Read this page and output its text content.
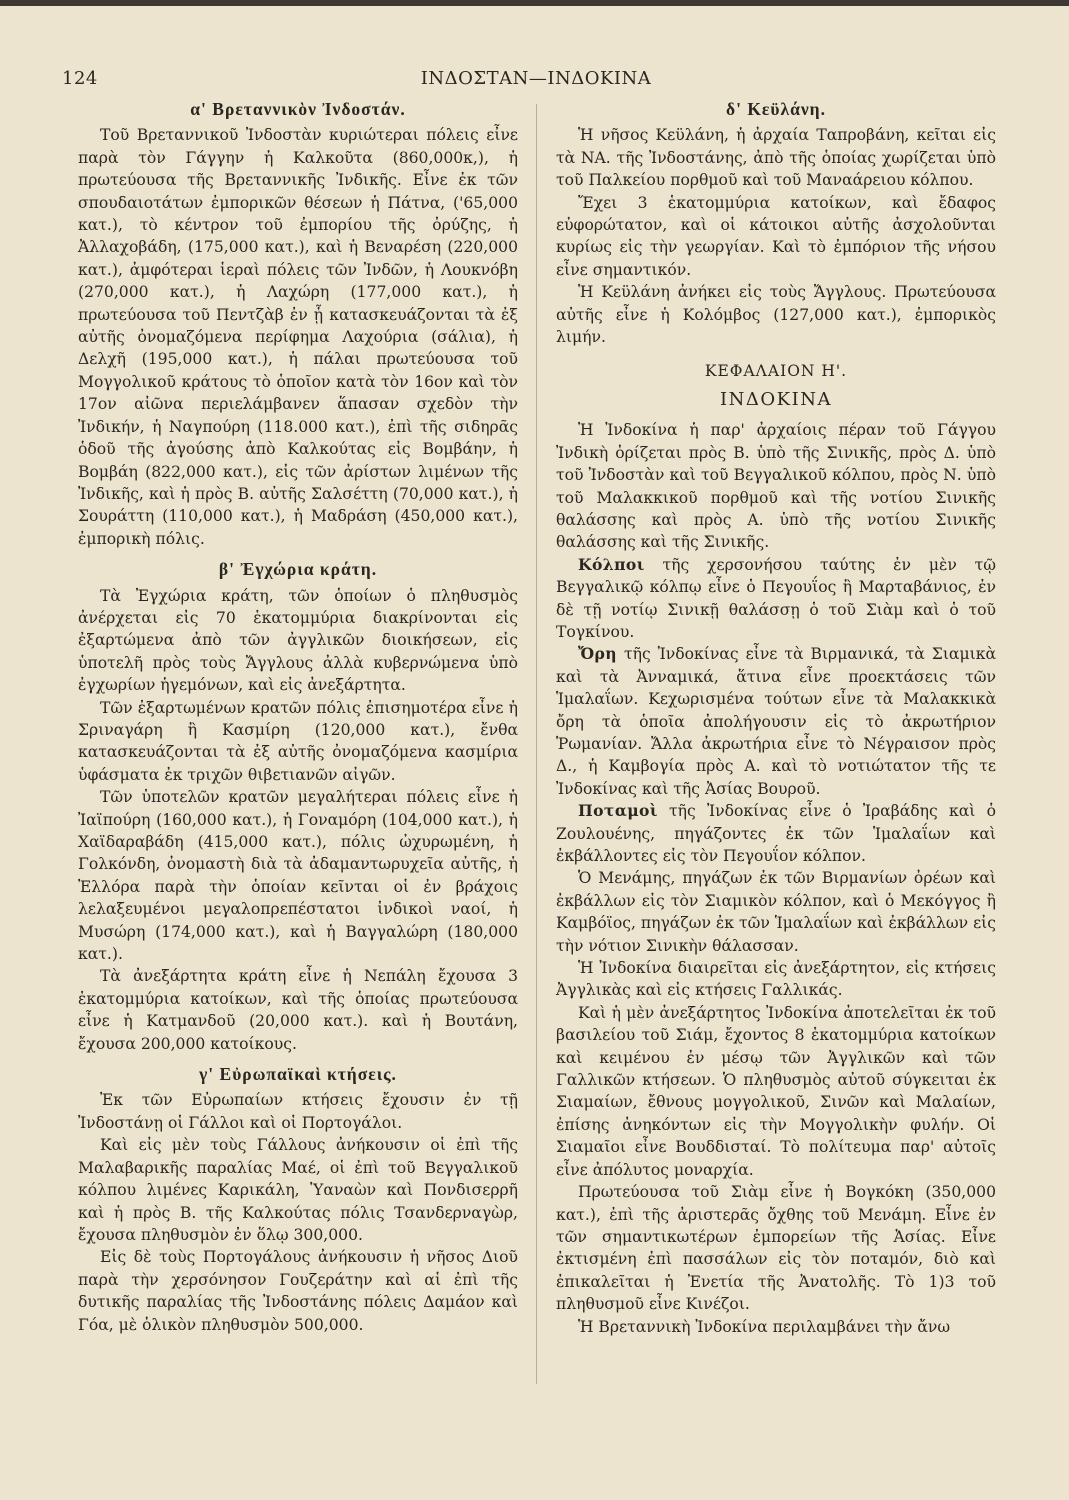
ΙΝΔΟΣΤΑΝ—ΙΝΔΟΚΙΝΑ
124
α' Βρεταννικὸν Ἰνδοστάν.

Τοῦ Βρεταννικοῦ Ἰνδοστὰν κυριώτεραι πόλεις εἶνε παρὰ τὸν Γάγγην ἡ Καλκοῦτα (860,000κ,), ἡ πρωτεύουσα τῆς Βρεταννικῆς Ἰνδικῆς. Εἶνε ἐκ τῶν σπουδαιοτάτων ἐμπορικῶν θέσεων ἡ Πάτνα, ('65,000 κατ.), τὸ κέντρον τοῦ ἐμπορίου τῆς ὀρύζης, ἡ Ἀλλαχοβάδη, (175,000 κατ.), καὶ ἡ Βεναρέση (220,000 κατ.), ἀμφότεραι ἱεραὶ πόλεις τῶν Ἰνδῶν, ἡ Λουκνόβη (270,000 κατ.), ἡ Λαχώρη (177,000 κατ.), ἡ πρωτεύουσα τοῦ Πεντζὰβ ἐν ᾗ κατασκευάζονται τὰ ἐξ αὐτῆς ὀνομαζόμενα περίφημα Λαχούρια (σάλια), ἡ Δελχῆ (195,000 κατ.), ἡ πάλαι πρωτεύουσα τοῦ Μογγολικοῦ κράτους τὸ ὁποῖον κατὰ τὸν 16ον καὶ τὸν 17ον αἰῶνα περιελάμβανεν ἅπασαν σχεδὸν τὴν Ἰνδικήν, ἡ Ναγπούρη (118.000 κατ.), ἐπὶ τῆς σιδηρᾶς ὁδοῦ τῆς ἀγούσης ἀπὸ Καλκούτας εἰς Βομβάην, ἡ Βομβάη (822,000 κατ.), εἰς τῶν ἀρίστων λιμένων τῆς Ἰνδικῆς, καὶ ἡ πρὸς Β. αὐτῆς Σαλσέττη (70,000 κατ.), ἡ Σουράττη (110,000 κατ.), ἡ Μαδράση (450,000 κατ.), ἐμπορικὴ πόλις.

β' Ἐγχώρια κράτη.

Τὰ Ἐγχώρια κράτη, τῶν ὁποίων ὁ πληθυσμὸς ἀνέρχεται εἰς 70 ἑκατομμύρια διακρίνονται εἰς ἐξαρτώμενα ἀπὸ τῶν ἀγγλικῶν διοικήσεων, εἰς ὑποτελῆ πρὸς τοὺς Ἄγγλους ἀλλὰ κυβερνώμενα ὑπὸ ἐγχωρίων ἡγεμόνων, καὶ εἰς ἀνεξάρτητα.

Τῶν ἐξαρτωμένων κρατῶν πόλις ἐπισημοτέρα εἶνε ἡ Σριναγάρη ἢ Κασμίρη (120,000 κατ.), ἔνθα κατασκευάζονται τὰ ἐξ αὐτῆς ὀνομαζόμενα κασμίρια ὑφάσματα ἐκ τριχῶν θιβετιανῶν αἰγῶν.

Τῶν ὑποτελῶν κρατῶν μεγαλήτεραι πόλεις εἶνε ἡ Ἰαϊπούρη (160,000 κατ.), ἡ Γοναμόρη (104,000 κατ.), ἡ Χαϊδαραβάδη (415,000 κατ.), πόλις ὠχυρωμένη, ἡ Γολκόνδη, ὀνομαστὴ διὰ τὰ ἀδαμαντωρυχεῖα αὐτῆς, ἡ Ἐλλόρα παρὰ τὴν ὁποίαν κεῖνται οἱ ἐν βράχοις λελαξευμένοι μεγαλοπρεπέστατοι ἰνδικοὶ ναοί, ἡ Μυσώρη (174,000 κατ.), καὶ ἡ Βαγγαλώρη (180,000 κατ.).

Τὰ ἀνεξάρτητα κράτη εἶνε ἡ Νεπάλη ἔχουσα 3 ἑκατομμύρια κατοίκων, καὶ τῆς ὁποίας πρωτεύουσα εἶνε ἡ Κατμανδοῦ (20,000 κατ.). καὶ ἡ Βουτάνη, ἔχουσα 200,000 κατοίκους.

γ' Εὐρωπαϊκαὶ κτήσεις.

Ἐκ τῶν Εὐρωπαίων κτήσεις ἔχουσιν ἐν τῇ Ἰνδοστάνῃ οἱ Γάλλοι καὶ οἱ Πορτογάλοι.

Καὶ εἰς μὲν τοὺς Γάλλους ἀνήκουσιν οἱ ἐπὶ τῆς Μαλαβαρικῆς παραλίας Μαέ, οἱ ἐπὶ τοῦ Βεγγαλικοῦ κόλπου λιμένες Καρικάλη, Ὑαναὼν καὶ Πονδισερρῆ καὶ ἡ πρὸς Β. τῆς Καλκούτας πόλις Τσανδερναγὼρ, ἔχουσα πληθυσμὸν ἐν ὅλῳ 300,000.

Εἰς δὲ τοὺς Πορτογάλους ἀνήκουσιν ἡ νῆσος Διοῦ παρὰ τὴν χερσόνησον Γουζεράτην καὶ αἱ ἐπὶ τῆς δυτικῆς παραλίας τῆς Ἰνδοστάνης πόλεις Δαμάον καὶ Γόα, μὲ ὁλικὸν πληθυσμὸν 500,000.

δ' Κεϋλάνη.

Ἡ νῆσος Κεϋλάνη, ἡ ἀρχαία Ταπροβάνη, κεῖται εἰς τὰ ΝΑ. τῆς Ἰνδοστάνης, ἀπὸ τῆς ὁποίας χωρίζεται ὑπὸ τοῦ Παλκείου πορθμοῦ καὶ τοῦ Μαναάρειου κόλπου.

Ἔχει 3 ἑκατομμύρια κατοίκων, καὶ ἔδαφος εὐφορώτατον, καὶ οἱ κάτοικοι αὐτῆς ἀσχολοῦνται κυρίως εἰς τὴν γεωργίαν. Καὶ τὸ ἐμπόριον τῆς νήσου εἶνε σημαντικόν.

Ἡ Κεϋλάνη ἀνήκει εἰς τοὺς Ἄγγλους. Πρωτεύουσα αὐτῆς εἶνε ἡ Κολόμβος (127,000 κατ.), ἐμπορικὸς λιμήν.

ΚΕΦΑΛΑΙΟΝ Η'.
ΙΝΔΟΚΙΝΑ

Ἡ Ἰνδοκίνα ἡ παρ' ἀρχαίοις πέραν τοῦ Γάγγου Ἰνδικὴ ὁρίζεται πρὸς Β. ὑπὸ τῆς Σινικῆς, πρὸς Δ. ὑπὸ τοῦ Ἰνδοστὰν καὶ τοῦ Βεγγαλικοῦ κόλπου, πρὸς Ν. ὑπὸ τοῦ Μαλακκικοῦ πορθμοῦ καὶ τῆς νοτίου Σινικῆς θαλάσσης καὶ πρὸς Α. ὑπὸ τῆς νοτίου Σινικῆς θαλάσσης καὶ τῆς Σινικῆς.

Κόλποι τῆς χερσονήσου ταύτης ἐν μὲν τῷ Βεγγαλικῷ κόλπῳ εἶνε ὁ Πεγουΐος ἢ Μαρταβάνιος, ἐν δὲ τῇ νοτίῳ Σινικῇ θαλάσσῃ ὁ τοῦ Σιὰμ καὶ ὁ τοῦ Τογκίνου.

Ὄρη τῆς Ἰνδοκίνας εἶνε τὰ Βιρμανικά, τὰ Σιαμικὰ καὶ τὰ Ἀνναμικά, ἅτινα εἶνε προεκτάσεις τῶν Ἱμαλαΐων. Κεχωρισμένα τούτων εἶνε τὰ Μαλακκικὰ ὄρη τὰ ὁποῖα ἀπολήγουσιν εἰς τὸ ἀκρωτήριον Ῥωμανίαν. Ἄλλα ἀκρωτήρια εἶνε τὸ Νέγραισον πρὸς Δ., ἡ Καμβογία πρὸς Α. καὶ τὸ νοτιώτατον τῆς τε Ἰνδοκίνας καὶ τῆς Ἀσίας Βουροῦ.

Ποταμοὶ τῆς Ἰνδοκίνας εἶνε ὁ Ἰραβάδης καὶ ὁ Ζουλουένης, πηγάζοντες ἐκ τῶν Ἱμαλαΐων καὶ ἐκβάλλοντες εἰς τὸν Πεγουΐον κόλπον.

Ὁ Μενάμης, πηγάζων ἐκ τῶν Βιρμανίων ὀρέων καὶ ἐκβάλλων εἰς τὸν Σιαμικὸν κόλπον, καὶ ὁ Μεκόγγος ἢ Καμβόϊος, πηγάζων ἐκ τῶν Ἱμαλαΐων καὶ ἐκβάλλων εἰς τὴν νότιον Σινικὴν θάλασσαν.

Ἡ Ἰνδοκίνα διαιρεῖται εἰς ἀνεξάρτητον, εἰς κτήσεις Ἀγγλικὰς καὶ εἰς κτήσεις Γαλλικάς.

Καὶ ἡ μὲν ἀνεξάρτητος Ἰνδοκίνα ἀποτελεῖται ἐκ τοῦ βασιλείου τοῦ Σιάμ, ἔχοντος 8 ἑκατομμύρια κατοίκων καὶ κειμένου ἐν μέσῳ τῶν Ἀγγλικῶν καὶ τῶν Γαλλικῶν κτήσεων. Ὁ πληθυσμὸς αὐτοῦ σύγκειται ἐκ Σιαμαίων, ἔθνους μογγολικοῦ, Σινῶν καὶ Μαλαίων, ἐπίσης ἀνηκόντων εἰς τὴν Μογγολικὴν φυλήν. Οἱ Σιαμαῖοι εἶνε Βουδδισταί. Τὸ πολίτευμα παρ' αὐτοῖς εἶνε ἀπόλυτος μοναρχία.

Πρωτεύουσα τοῦ Σιὰμ εἶνε ἡ Βογκόκη (350,000 κατ.), ἐπὶ τῆς ἀριστερᾶς ὄχθης τοῦ Μενάμη. Εἶνε ἐν τῶν σημαντικωτέρων ἐμπορείων τῆς Ἀσίας. Εἶνε ἐκτισμένη ἐπὶ πασσάλων εἰς τὸν ποταμόν, διὸ καὶ ἐπικαλεῖται ἡ Ἐνετία τῆς Ἀνατολῆς. Τὸ 1)3 τοῦ πληθυσμοῦ εἶνε Κινέζοι.

Ἡ Βρεταννικὴ Ἰνδοκίνα περιλαμβάνει τὴν ἄνω
